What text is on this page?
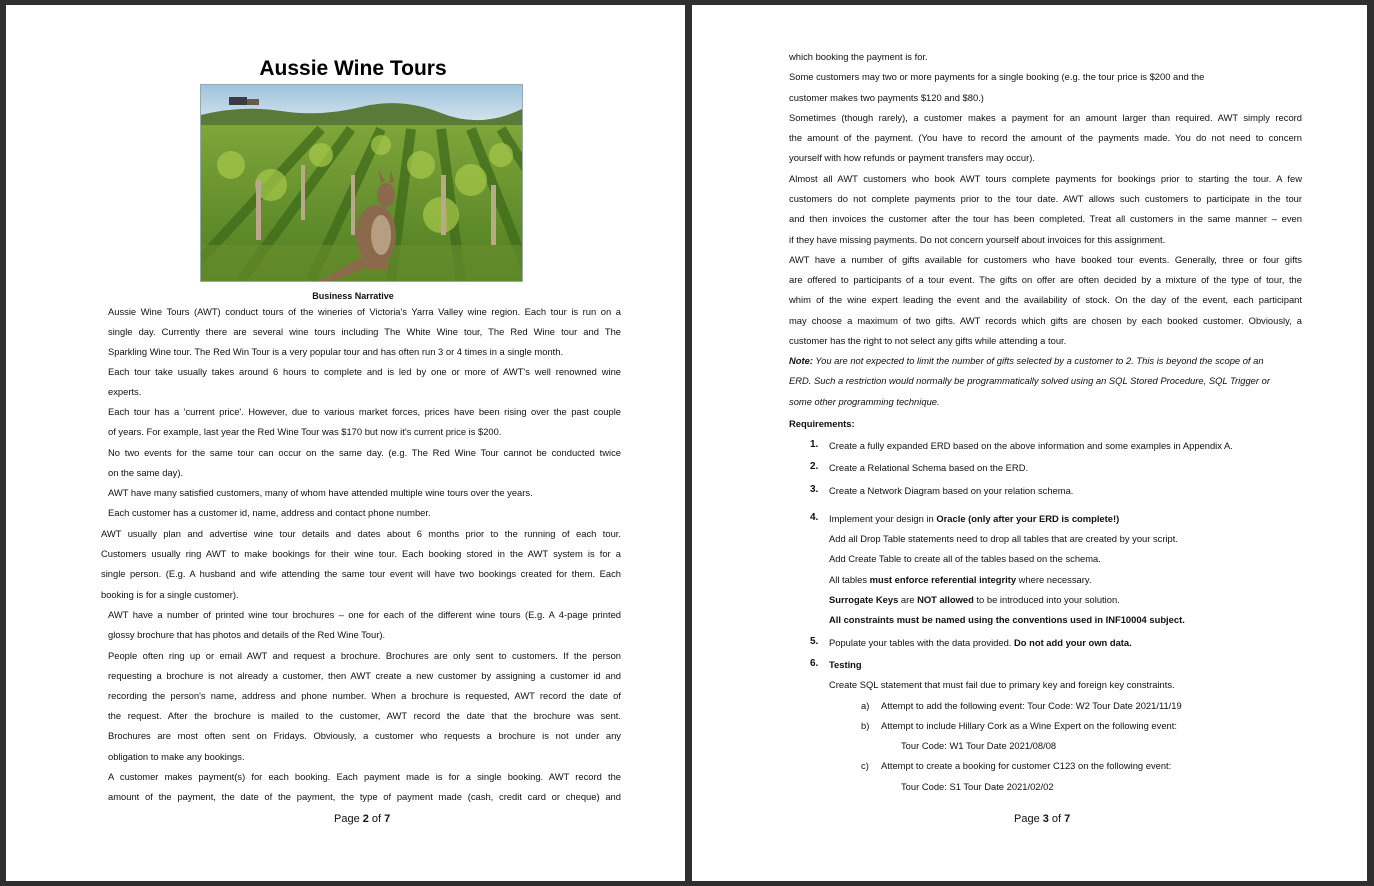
Aussie Wine Tours
Business Narrative
Aussie Wine Tours (AWT) conduct tours of the wineries of Victoria's Yarra Valley wine region. Each tour is run on a
single day. Currently there are several wine tours including The White Wine tour, The Red Wine tour and The
Sparkling Wine tour. The Red Win Tour is a very popular tour and has often run 3 or 4 times in a single month.
Each tour take usually takes around 6 hours to complete and is led by one or more of AWT's well renowned wine
experts.
Each tour has a 'current price'. However, due to various market forces, prices have been rising over the past couple
of years. For example, last year the Red Wine Tour was $170 but now it's current price is $200.
No two events for the same tour can occur on the same day. (e.g. The Red Wine Tour cannot be conducted twice
on the same day).
AWT have many satisfied customers, many of whom have attended multiple wine tours over the years.
Each customer has a customer id, name, address and contact phone number.
AWT usually plan and advertise wine tour details and dates about 6 months prior to the running of each tour.
Customers usually ring AWT to make bookings for their wine tour. Each booking stored in the AWT system is for a
single person. (E.g. A husband and wife attending the same tour event will have two bookings created for them. Each
booking is for a single customer).
AWT have a number of printed wine tour brochures – one for each of the different wine tours (E.g. A 4-page printed
glossy brochure that has photos and details of the Red Wine Tour).
People often ring up or email AWT and request a brochure. Brochures are only sent to customers. If the person
requesting a brochure is not already a customer, then AWT create a new customer by assigning a customer id and
recording the person's name, address and phone number. When a brochure is requested, AWT record the date of
the request. After the brochure is mailed to the customer, AWT record the date that the brochure was sent.
Brochures are most often sent on Fridays. Obviously, a customer who requests a brochure is not under any
obligation to make any bookings.
A customer makes payment(s) for each booking. Each payment made is for a single booking. AWT record the
amount of the payment, the date of the payment, the type of payment made (cash, credit card or cheque) and
Page 2 of 7
which booking the payment is for.
Some customers may two or more payments for a single booking (e.g. the tour price is $200 and the
customer makes two payments $120 and $80.)
Sometimes (though rarely), a customer makes a payment for an amount larger than required. AWT simply record
the amount of the payment. (You have to record the amount of the payments made. You do not need to concern
yourself with how refunds or payment transfers may occur).
Almost all AWT customers who book AWT tours complete payments for bookings prior to starting the tour. A few
customers do not complete payments prior to the tour date. AWT allows such customers to participate in the tour
and then invoices the customer after the tour has been completed. Treat all customers in the same manner – even
if they have missing payments. Do not concern yourself about invoices for this assignment.
AWT have a number of gifts available for customers who have booked tour events. Generally, three or four gifts
are offered to participants of a tour event. The gifts on offer are often decided by a mixture of the type of tour, the
whim of the wine expert leading the event and the availability of stock. On the day of the event, each participant
may choose a maximum of two gifts. AWT records which gifts are chosen by each booked customer. Obviously, a
customer has the right to not select any gifts while attending a tour.
Note: You are not expected to limit the number of gifts selected by a customer to 2. This is beyond the scope of an
ERD. Such a restriction would normally be programmatically solved using an SQL Stored Procedure, SQL Trigger or
some other programming technique.
Requirements:
1. Create a fully expanded ERD based on the above information and some examples in Appendix A.
2. Create a Relational Schema based on the ERD.
3. Create a Network Diagram based on your relation schema.
4. Implement your design in Oracle (only after your ERD is complete!)
Add all Drop Table statements need to drop all tables that are created by your script.
Add Create Table to create all of the tables based on the schema.
All tables must enforce referential integrity where necessary.
Surrogate Keys are NOT allowed to be introduced into your solution.
All constraints must be named using the conventions used in INF10004 subject.
5. Populate your tables with the data provided. Do not add your own data.
6. Testing
Create SQL statement that must fail due to primary key and foreign key constraints.
a) Attempt to add the following event: Tour Code: W2 Tour Date 2021/11/19
b) Attempt to include Hillary Cork as a Wine Expert on the following event:
Tour Code: W1 Tour Date 2021/08/08
c) Attempt to create a booking for customer C123 on the following event:
Tour Code: S1 Tour Date 2021/02/02
Page 3 of 7
